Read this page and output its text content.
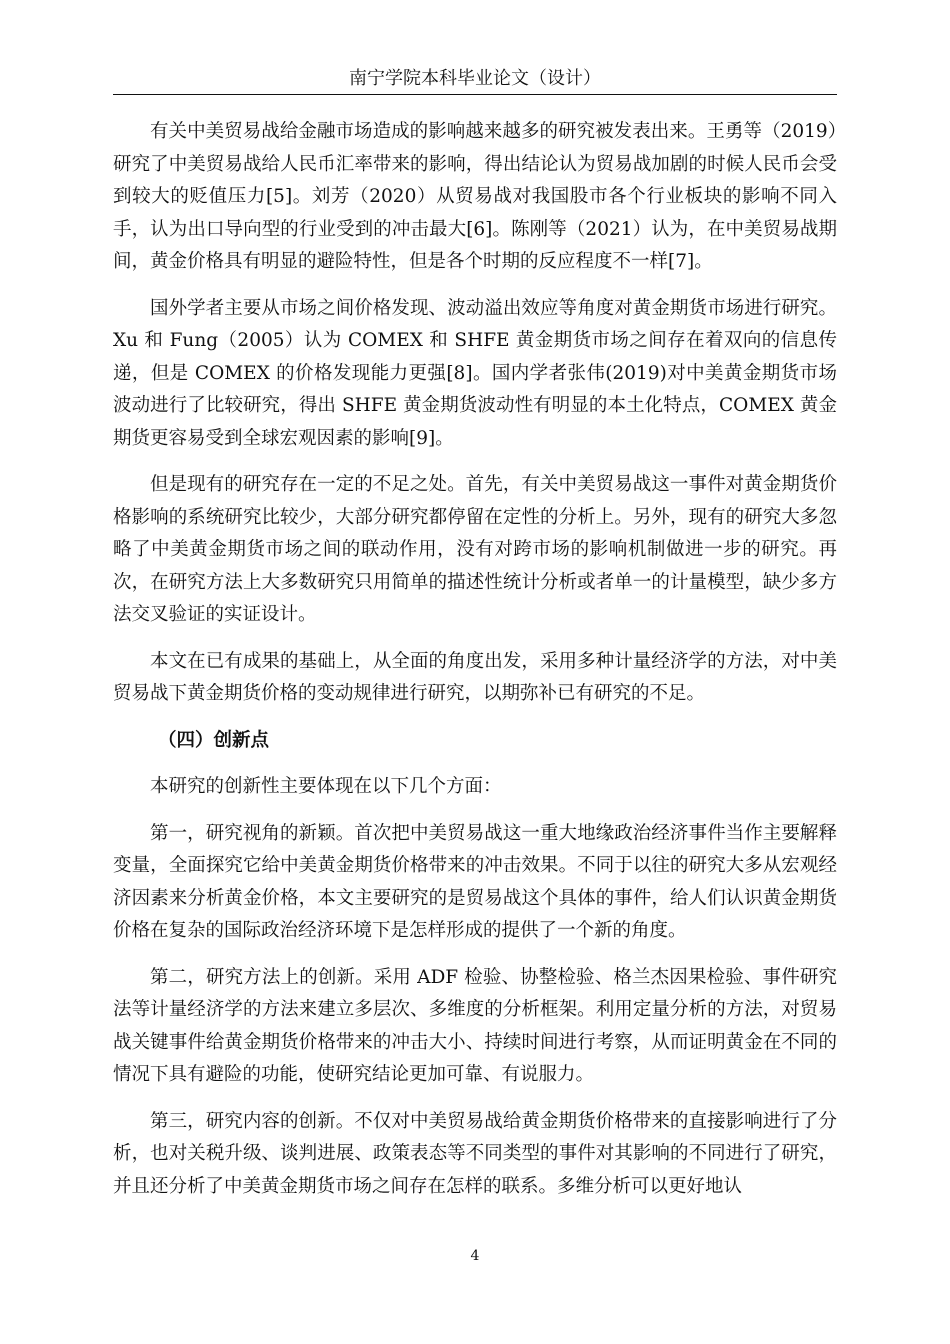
南宁学院本科毕业论文（设计）

有关中美贸易战给金融市场造成的影响越来越多的研究被发表出来。王勇等（2019）研究了中美贸易战给人民币汇率带来的影响，得出结论认为贸易战加剧的时候人民币会受到较大的贬值压力[5]。刘芳（2020）从贸易战对我国股市各个行业板块的影响不同入手，认为出口导向型的行业受到的冲击最大[6]。陈刚等（2021）认为，在中美贸易战期间，黄金价格具有明显的避险特性，但是各个时期的反应程度不一样[7]。

国外学者主要从市场之间价格发现、波动溢出效应等角度对黄金期货市场进行研究。Xu 和 Fung（2005）认为 COMEX 和 SHFE 黄金期货市场之间存在着双向的信息传递，但是 COMEX 的价格发现能力更强[8]。国内学者张伟(2019)对中美黄金期货市场波动进行了比较研究，得出 SHFE 黄金期货波动性有明显的本土化特点，COMEX 黄金期货更容易受到全球宏观因素的影响[9]。

但是现有的研究存在一定的不足之处。首先，有关中美贸易战这一事件对黄金期货价格影响的系统研究比较少，大部分研究都停留在定性的分析上。另外，现有的研究大多忽略了中美黄金期货市场之间的联动作用，没有对跨市场的影响机制做进一步的研究。再次，在研究方法上大多数研究只用简单的描述性统计分析或者单一的计量模型，缺少多方法交叉验证的实证设计。

本文在已有成果的基础上，从全面的角度出发，采用多种计量经济学的方法，对中美贸易战下黄金期货价格的变动规律进行研究，以期弥补已有研究的不足。

（四）创新点

本研究的创新性主要体现在以下几个方面：

第一，研究视角的新颖。首次把中美贸易战这一重大地缘政治经济事件当作主要解释变量，全面探究它给中美黄金期货价格带来的冲击效果。不同于以往的研究大多从宏观经济因素来分析黄金价格，本文主要研究的是贸易战这个具体的事件，给人们认识黄金期货价格在复杂的国际政治经济环境下是怎样形成的提供了一个新的角度。

第二，研究方法上的创新。采用 ADF 检验、协整检验、格兰杰因果检验、事件研究法等计量经济学的方法来建立多层次、多维度的分析框架。利用定量分析的方法，对贸易战关键事件给黄金期货价格带来的冲击大小、持续时间进行考察，从而证明黄金在不同的情况下具有避险的功能，使研究结论更加可靠、有说服力。

第三，研究内容的创新。不仅对中美贸易战给黄金期货价格带来的直接影响进行了分析，也对关税升级、谈判进展、政策表态等不同类型的事件对其影响的不同进行了研究，并且还分析了中美黄金期货市场之间存在怎样的联系。多维分析可以更好地认

4
